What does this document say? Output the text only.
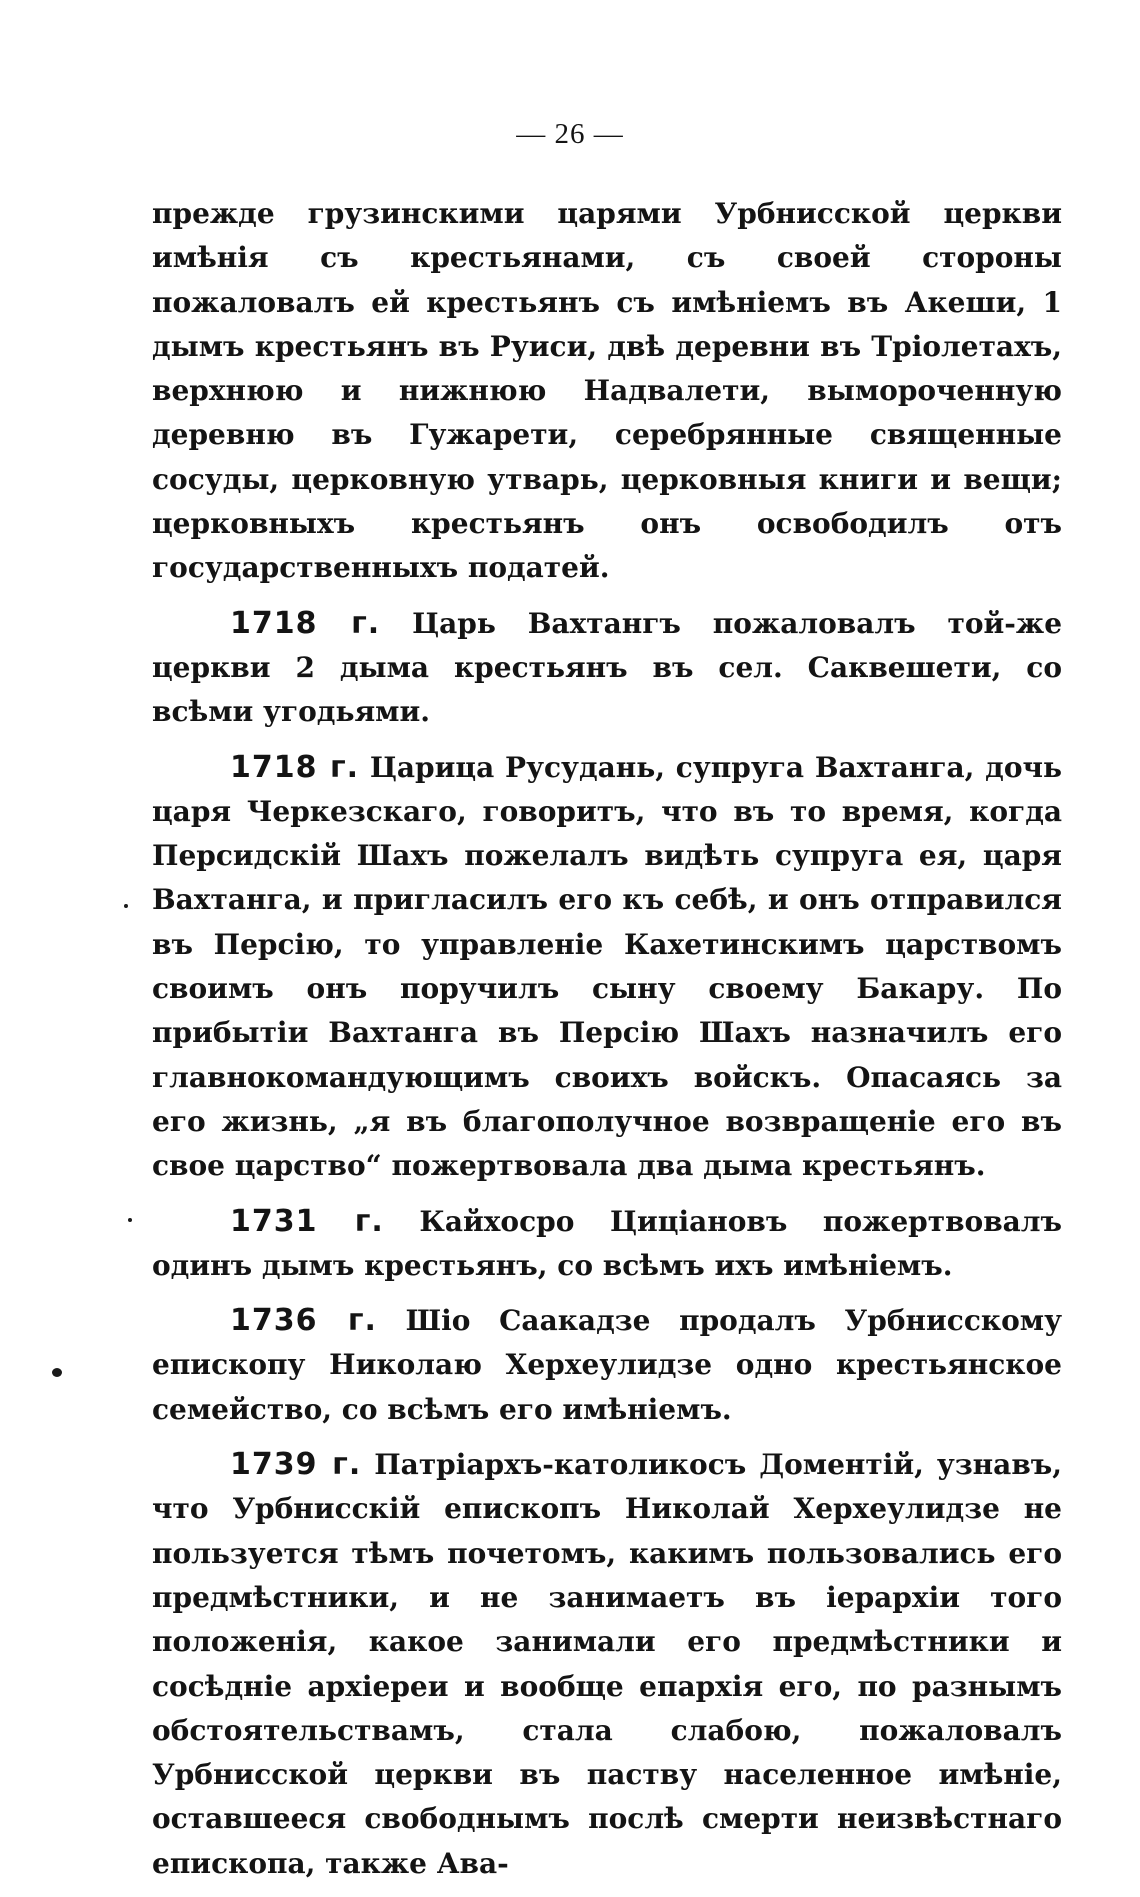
— 26 —

прежде грузинскими царями Урбнисской церкви имѣнія съ крестьянами, съ своей стороны пожаловалъ ей крестьянъ съ имѣніемъ въ Акеши, 1 дымъ крестьянъ въ Руиси, двѣ деревни въ Тріолетахъ, верхнюю и нижнюю Надвалети, вымороченную деревню въ Гужарети, серебрянные священные сосуды, церковную утварь, церковныя книги и вещи; церковныхъ крестьянъ онъ освободилъ отъ государственныхъ податей.

1718 г. Царь Вахтангъ пожаловалъ той-же церкви 2 дыма крестьянъ въ сел. Саквешети, со всѣми угодьями.

1718 г. Царица Русудань, супруга Вахтанга, дочь царя Черкезскаго, говоритъ, что въ то время, когда Персидскій Шахъ пожелалъ видѣть супруга ея, царя Вахтанга, и пригласилъ его къ себѣ, и онъ отправился въ Персію, то управленіе Кахетинскимъ царствомъ своимъ онъ поручилъ сыну своему Бакару. По прибытіи Вахтанга въ Персію Шахъ назначилъ его главнокомандующимъ своихъ войскъ. Опасаясь за его жизнь, „я въ благополучное возвращеніе его въ свое царство“ пожертвовала два дыма крестьянъ.

1731 г. Кайхосро Циціановъ пожертвовалъ одинъ дымъ крестьянъ, со всѣмъ ихъ имѣніемъ.

1736 г. Шіо Саакадзе продалъ Урбнисскому епископу Николаю Херхеулидзе одно крестьянское семейство, со всѣмъ его имѣніемъ.

1739 г. Патріархъ-католикосъ Доментій, узнавъ, что Урбнисскій епископъ Николай Херхеулидзе не пользуется тѣмъ почетомъ, какимъ пользовались его предмѣстники, и не занимаетъ въ іерархіи того положенія, какое занимали его предмѣстники и сосѣдніе архіереи и вообще епархія его, по разнымъ обстоятельствамъ, стала слабою, пожаловалъ Урбнисской церкви въ паству населенное имѣніе, оставшееся свободнымъ послѣ смерти неизвѣстнаго епископа, также Ава-
